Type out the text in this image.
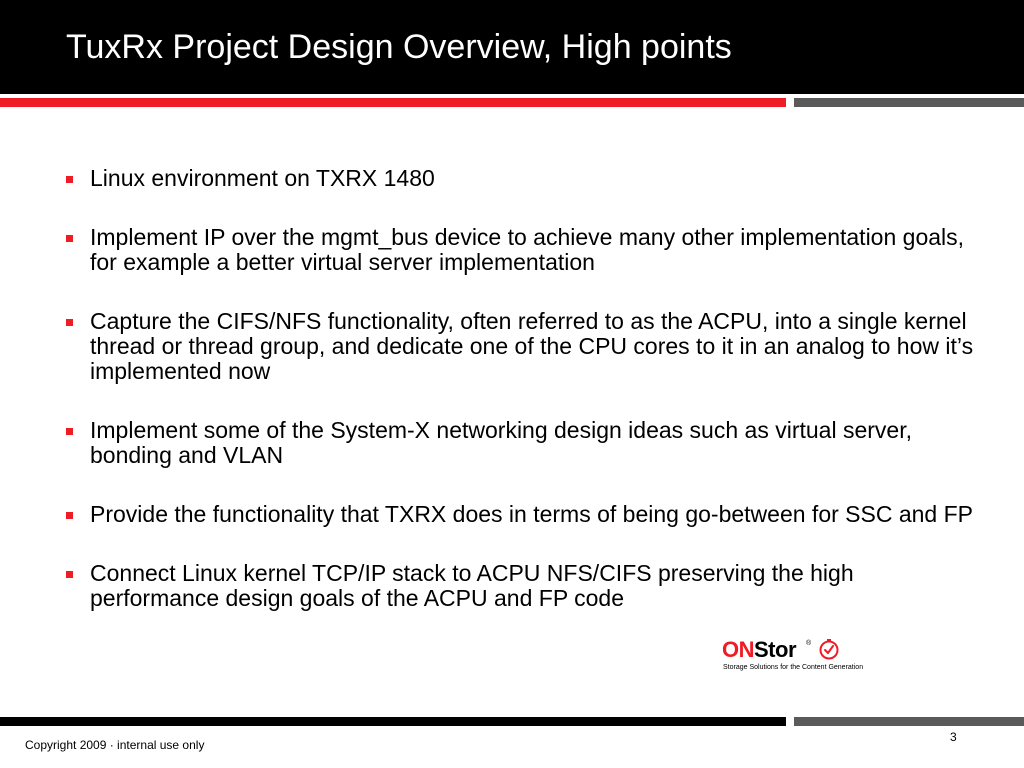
TuxRx Project Design Overview, High points
Linux environment on TXRX 1480
Implement IP over the mgmt_bus device to achieve many other implementation goals, for example a better virtual server implementation
Capture the CIFS/NFS functionality, often referred to as the ACPU, into a single kernel thread or thread group, and dedicate one of the CPU cores to it in an analog to how it’s implemented now
Implement some of the System-X networking design ideas such as virtual server, bonding and VLAN
Provide the functionality that TXRX does in terms of being go-between for SSC and FP
Connect Linux kernel TCP/IP stack to ACPU NFS/CIFS preserving the high performance design goals of the ACPU and FP code
ONStor ®
Storage Solutions for the Content Generation
Copyright 2009 · internal use only
3
